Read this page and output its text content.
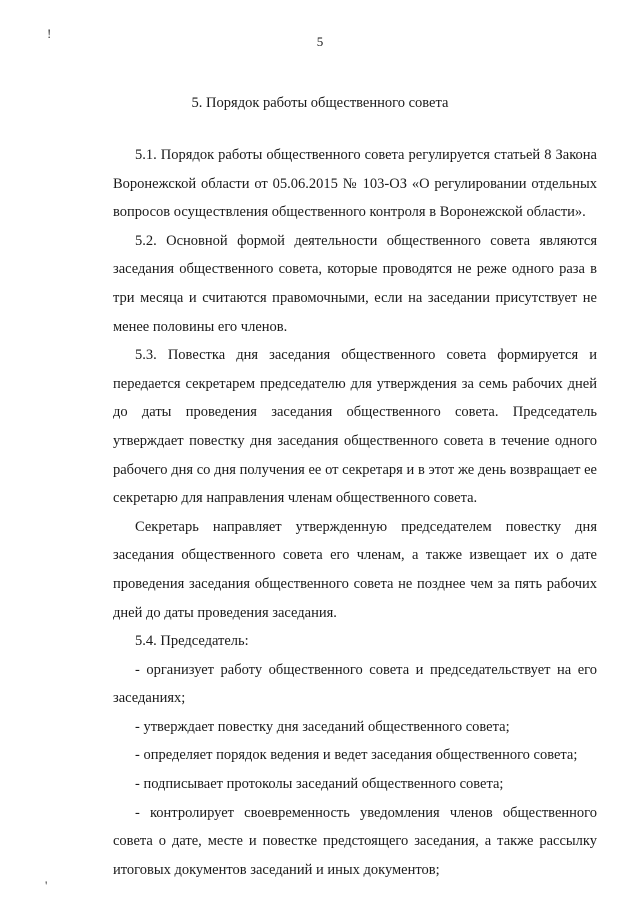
!
'
5
5. Порядок работы общественного совета

5.1. Порядок работы общественного совета регулируется статьей 8 Закона Воронежской области от 05.06.2015 № 103-ОЗ «О регулировании отдельных вопросов осуществления общественного контроля в Воронежской области».

5.2. Основной формой деятельности общественного совета являются заседания общественного совета, которые проводятся не реже одного раза в три месяца и считаются правомочными, если на заседании присутствует не менее половины его членов.

5.3. Повестка дня заседания общественного совета формируется и передается секретарем председателю для утверждения за семь рабочих дней до даты проведения заседания общественного совета. Председатель утверждает повестку дня заседания общественного совета в течение одного рабочего дня со дня получения ее от секретаря и в этот же день возвращает ее секретарю для направления членам общественного совета.

Секретарь направляет утвержденную председателем повестку дня заседания общественного совета его членам, а также извещает их о дате проведения заседания общественного совета не позднее чем за пять рабочих дней до даты проведения заседания.

5.4. Председатель:

- организует работу общественного совета и председательствует на его заседаниях;

- утверждает повестку дня заседаний общественного совета;

- определяет порядок ведения и ведет заседания общественного совета;

- подписывает протоколы заседаний общественного совета;

- контролирует своевременность уведомления членов общественного совета о дате, месте и повестке предстоящего заседания, а также рассылку итоговых документов заседаний и иных документов;
